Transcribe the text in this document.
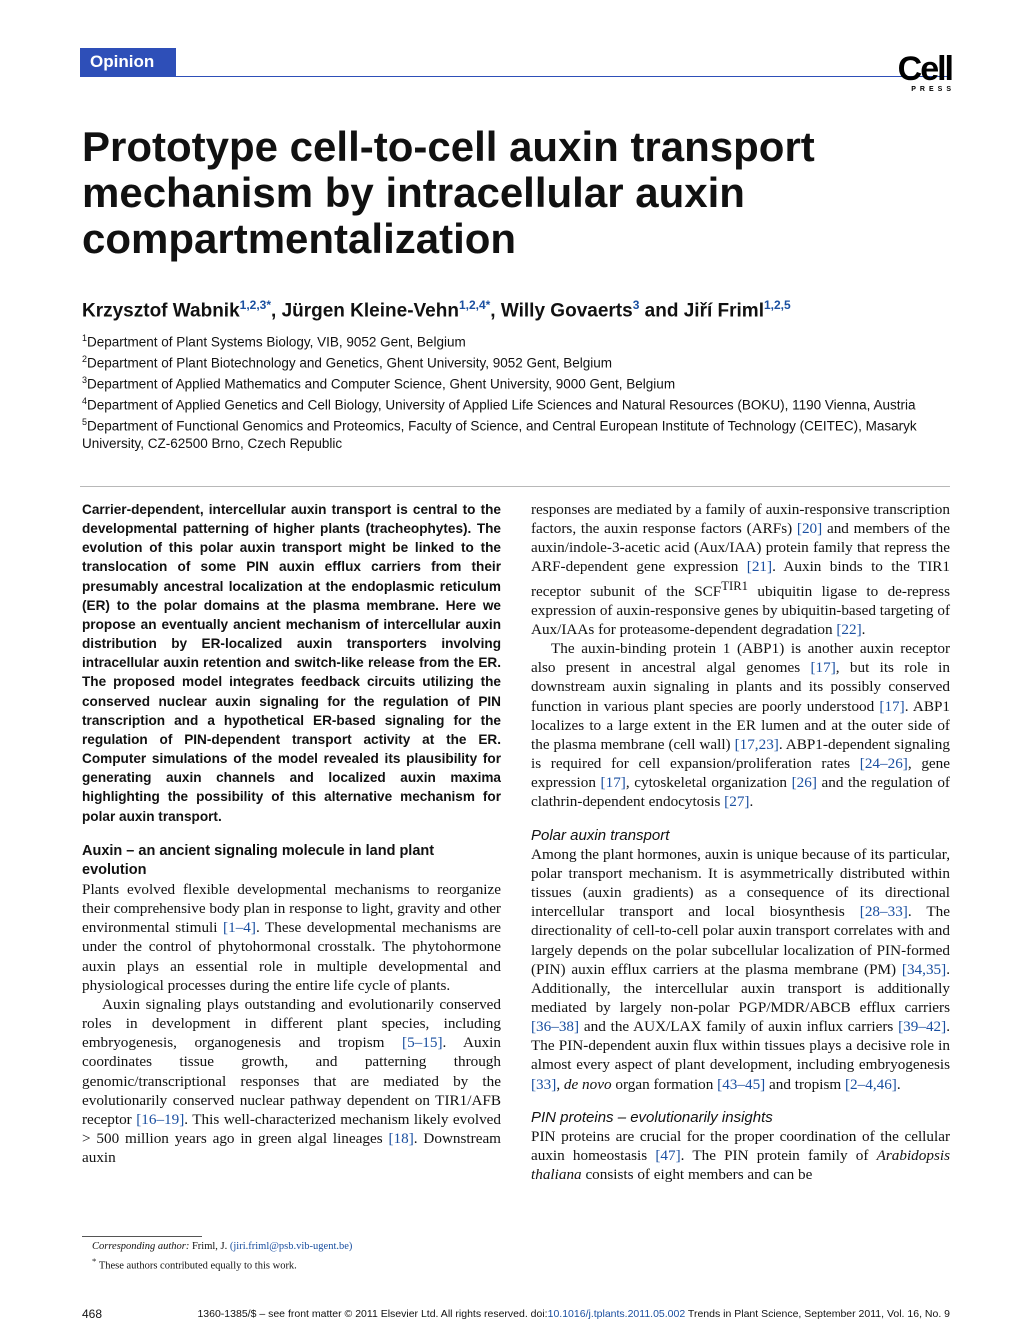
Opinion	Cell
PRESS
Prototype cell-to-cell auxin transport mechanism by intracellular auxin compartmentalization
Krzysztof Wabnik$^{1,2,3*}$, Jürgen Kleine-Vehn$^{1,2,4*}$, Willy Govaerts$^3$ and Jiří Friml$^{1,2,5}$

$^1$Department of Plant Systems Biology, VIB, 9052 Gent, Belgium

$^2$Department of Plant Biotechnology and Genetics, Ghent University, 9052 Gent, Belgium

$^3$Department of Applied Mathematics and Computer Science, Ghent University, 9000 Gent, Belgium

$^4$Department of Applied Genetics and Cell Biology, University of Applied Life Sciences and Natural Resources (BOKU), 1190 Vienna, Austria

$^5$Department of Functional Genomics and Proteomics, Faculty of Science, and Central European Institute of Technology (CEITEC), Masaryk University, CZ-62500 Brno, Czech Republic

Carrier-dependent, intercellular auxin transport is central to the developmental patterning of higher plants (tracheophytes). The evolution of this polar auxin transport might be linked to the translocation of some PIN auxin efflux carriers from their presumably ancestral localization at the endoplasmic reticulum (ER) to the polar domains at the plasma membrane. Here we propose an eventually ancient mechanism of intercellular auxin distribution by ER-localized auxin transporters involving intracellular auxin retention and switch-like release from the ER. The proposed model integrates feedback circuits utilizing the conserved nuclear auxin signaling for the regulation of PIN transcription and a hypothetical ER-based signaling for the regulation of PIN-dependent transport activity at the ER. Computer simulations of the model revealed its plausibility for generating auxin channels and localized auxin maxima highlighting the possibility of this alternative mechanism for polar auxin transport.

Auxin – an ancient signaling molecule in land plant evolution

Plants evolved flexible developmental mechanisms to reorganize their comprehensive body plan in response to light, gravity and other environmental stimuli [1–4]. These developmental mechanisms are under the control of phytohormonal crosstalk. The phytohormone auxin plays an essential role in multiple developmental and physiological processes during the entire life cycle of plants.

Auxin signaling plays outstanding and evolutionarily conserved roles in development in different plant species, including embryogenesis, organogenesis and tropism [5–15]. Auxin coordinates tissue growth, and patterning through genomic/transcriptional responses that are mediated by the evolutionarily conserved nuclear pathway dependent on TIR1/AFB receptor [16–19]. This well-characterized mechanism likely evolved > 500 million years ago in green algal lineages [18]. Downstream auxin

responses are mediated by a family of auxin-responsive transcription factors, the auxin response factors (ARFs) [20] and members of the auxin/indole-3-acetic acid (Aux/IAA) protein family that repress the ARF-dependent gene expression [21]. Auxin binds to the TIR1 receptor subunit of the $SCF^{TIR1}$ ubiquitin ligase to de-repress expression of auxin-responsive genes by ubiquitin-based targeting of Aux/IAAs for proteasome-dependent degradation [22].

The auxin-binding protein 1 (ABP1) is another auxin receptor also present in ancestral algal genomes [17], but its role in downstream auxin signaling in plants and its possibly conserved function in various plant species are poorly understood [17]. ABP1 localizes to a large extent in the ER lumen and at the outer side of the plasma membrane (cell wall) [17,23]. ABP1-dependent signaling is required for cell expansion/proliferation rates [24–26], gene expression [17], cytoskeletal organization [26] and the regulation of clathrin-dependent endocytosis [27].

Polar auxin transport

Among the plant hormones, auxin is unique because of its particular, polar transport mechanism. It is asymmetrically distributed within tissues (auxin gradients) as a consequence of its directional intercellular transport and local biosynthesis [28–33]. The directionality of cell-to-cell polar auxin transport correlates with and largely depends on the polar subcellular localization of PIN-formed (PIN) auxin efflux carriers at the plasma membrane (PM) [34,35]. Additionally, the intercellular auxin transport is additionally mediated by largely non-polar PGP/MDR/ABCB efflux carriers [36–38] and the AUX/LAX family of auxin influx carriers [39–42]. The PIN-dependent auxin flux within tissues plays a decisive role in almost every aspect of plant development, including embryogenesis [33], de novo organ formation [43–45] and tropism [2–4,46].

PIN proteins – evolutionarily insights

PIN proteins are crucial for the proper coordination of the cellular auxin homeostasis [47]. The PIN protein family of Arabidopsis thaliana consists of eight members and can be

Corresponding author: Friml, J. (jiri.friml@psb.vib-ugent.be)

* These authors contributed equally to this work.

468	1360-1385/$ – see front matter © 2011 Elsevier Ltd. All rights reserved. doi:10.1016/j.tplants.2011.05.002 Trends in Plant Science, September 2011, Vol. 16, No. 9
